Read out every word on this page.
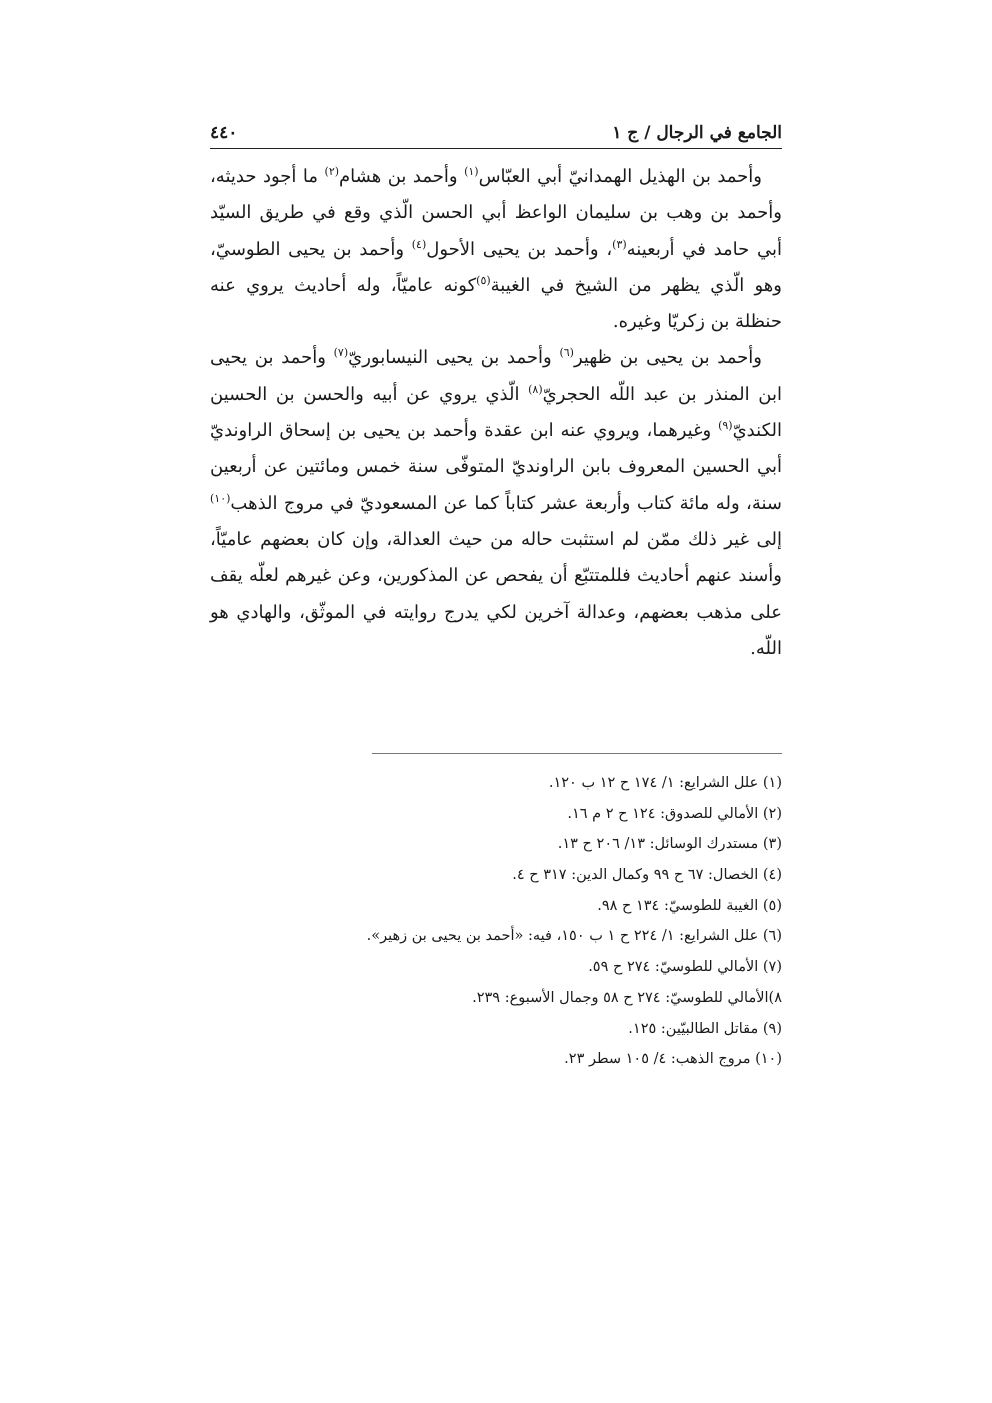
الجامع في الرجال / ج ١
٤٤٠

وأحمد بن الهذيل الهمدانيّ أبي العبّاس$^{(١)}$ وأحمد بن هشام$^{(٢)}$ ما أجود حديثه، وأحمد بن وهب بن سليمان الواعظ أبي الحسن الّذي وقع في طريق السيّد أبي حامد في أربعينه$^{(٣)}$، وأحمد بن يحيى الأحول$^{(٤)}$ وأحمد بن يحيى الطوسيّ، وهو الّذي يظهر من الشيخ في الغيبة$^{(٥)}$كونه عاميّاً، وله أحاديث يروي عنه حنظلة بن زكريّا وغيره.

وأحمد بن يحيى بن ظهير$^{(٦)}$ وأحمد بن يحيى النيسابوريّ$^{(٧)}$ وأحمد بن يحيى ابن المنذر بن عبد اللّه الحجريّ$^{(٨)}$ الّذي يروي عن أبيه والحسن بن الحسين الكنديّ$^{(٩)}$ وغيرهما، ويروي عنه ابن عقدة وأحمد بن يحيى بن إسحاق الراونديّ أبي الحسين المعروف بابن الراونديّ المتوفّى سنة خمس ومائتين عن أربعين سنة، وله مائة كتاب وأربعة عشر كتاباً كما عن المسعوديّ في مروج الذهب$^{(١٠)}$ إلى غير ذلك ممّن لم استثبت حاله من حيث العدالة، وإن كان بعضهم عاميّاً، وأسند عنهم أحاديث فللمتتبّع أن يفحص عن المذكورين، وعن غيرهم لعلّه يقف على مذهب بعضهم، وعدالة آخرين لكي يدرج روايته في الموثّق، والهادي هو اللّه.

(١) علل الشرايع: ١/ ١٧٤ ح ١٢ ب ١٢٠.
(٢) الأمالي للصدوق: ١٢٤ ح ٢ م ١٦.
(٣) مستدرك الوسائل: ١٣/ ٢٠٦ ح ١٣.
(٤) الخصال: ٦٧ ح ٩٩ وكمال الدين: ٣١٧ ح ٤.
(٥) الغيبة للطوسيّ: ١٣٤ ح ٩٨.
(٦) علل الشرايع: ١/ ٢٢٤ ح ١ ب ١٥٠، فيه: «أحمد بن يحيى بن زهير».
(٧) الأمالي للطوسيّ: ٢٧٤ ح ٥٩.
٨)الأمالي للطوسيّ: ٢٧٤ ح ٥٨ وجمال الأسبوع: ٢٣٩.
(٩) مقاتل الطالبيّين: ١٢٥.
(١٠) مروج الذهب: ٤/ ١٠٥ سطر ٢٣.
